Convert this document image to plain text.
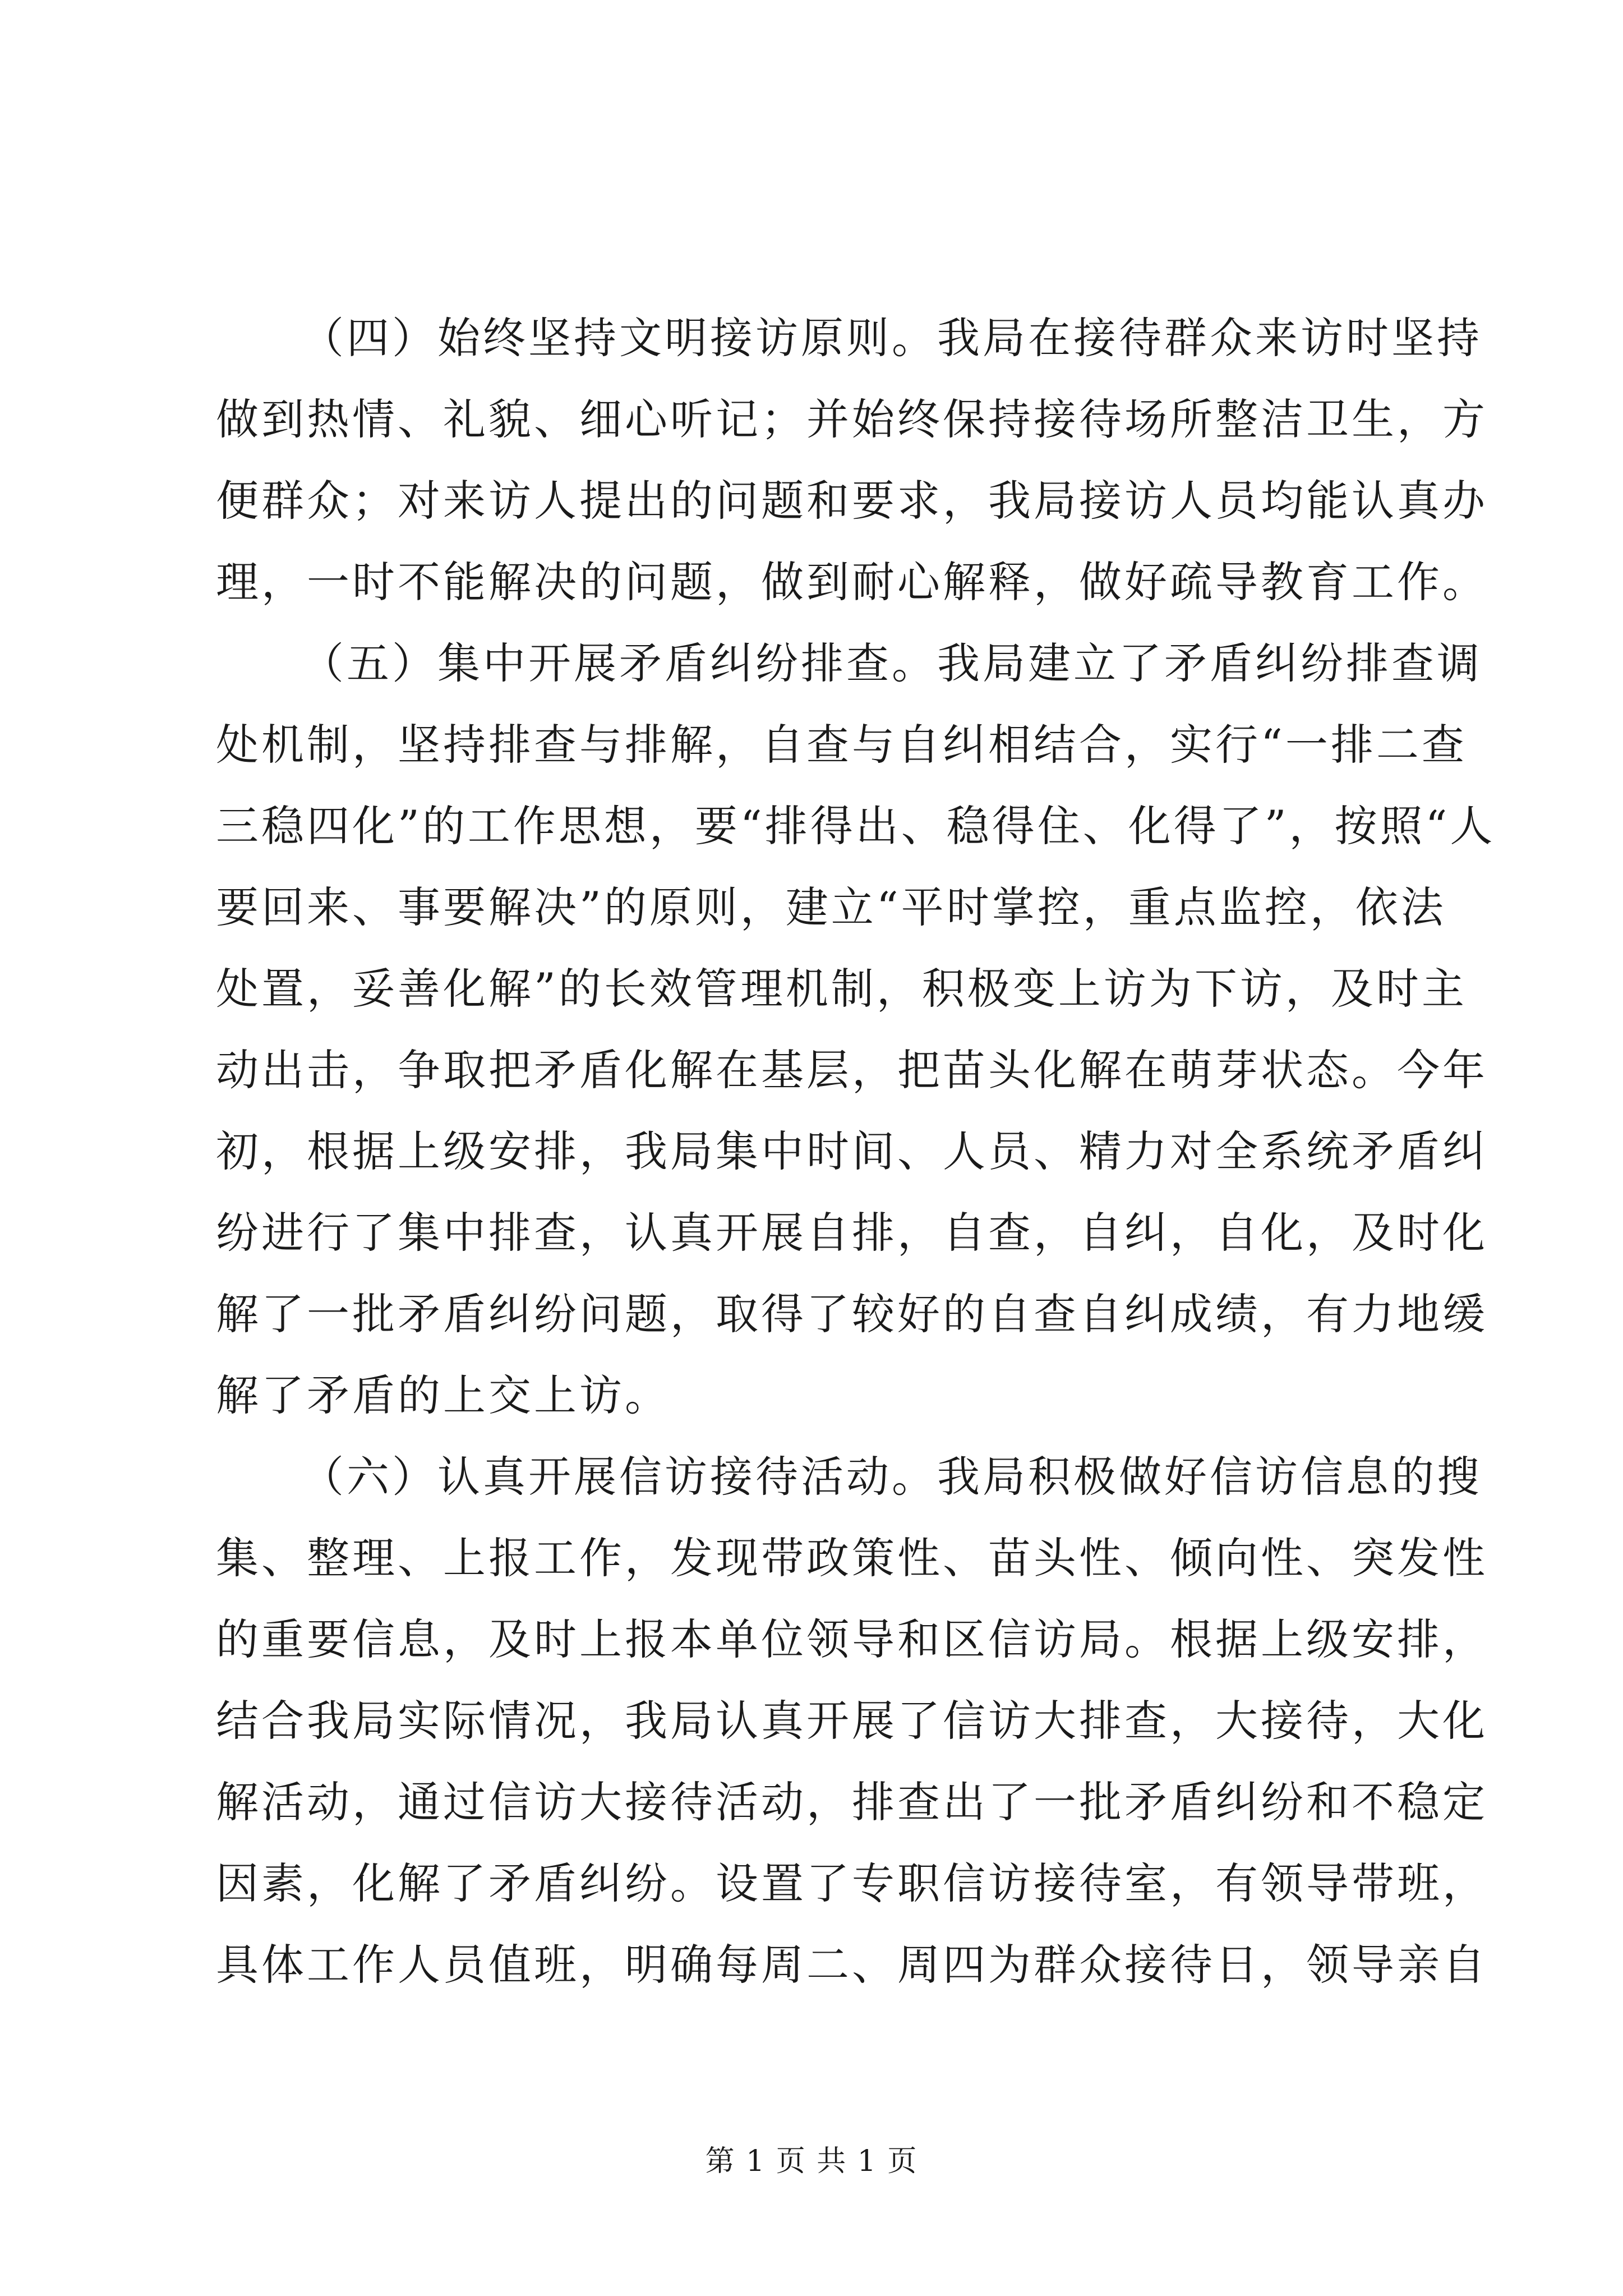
（四）始终坚持文明接访原则。我局在接待群众来访时坚持
做到热情、礼貌、细心听记；并始终保持接待场所整洁卫生，方
便群众；对来访人提出的问题和要求，我局接访人员均能认真办
理，一时不能解决的问题，做到耐心解释，做好疏导教育工作。

（五）集中开展矛盾纠纷排查。我局建立了矛盾纠纷排查调
处机制，坚持排查与排解，自查与自纠相结合，实行“一排二查
三稳四化”的工作思想，要“排得出、稳得住、化得了”，按照“人
要回来、事要解决”的原则，建立“平时掌控，重点监控，依法
处置，妥善化解”的长效管理机制，积极变上访为下访，及时主
动出击，争取把矛盾化解在基层，把苗头化解在萌芽状态。今年
初，根据上级安排，我局集中时间、人员、精力对全系统矛盾纠
纷进行了集中排查，认真开展自排，自查，自纠，自化，及时化
解了一批矛盾纠纷问题，取得了较好的自查自纠成绩，有力地缓
解了矛盾的上交上访。

（六）认真开展信访接待活动。我局积极做好信访信息的搜
集、整理、上报工作，发现带政策性、苗头性、倾向性、突发性
的重要信息，及时上报本单位领导和区信访局。根据上级安排，
结合我局实际情况，我局认真开展了信访大排查，大接待，大化
解活动，通过信访大接待活动，排查出了一批矛盾纠纷和不稳定
因素，化解了矛盾纠纷。设置了专职信访接待室，有领导带班，
具体工作人员值班，明确每周二、周四为群众接待日，领导亲自

第 1 页 共 1 页
